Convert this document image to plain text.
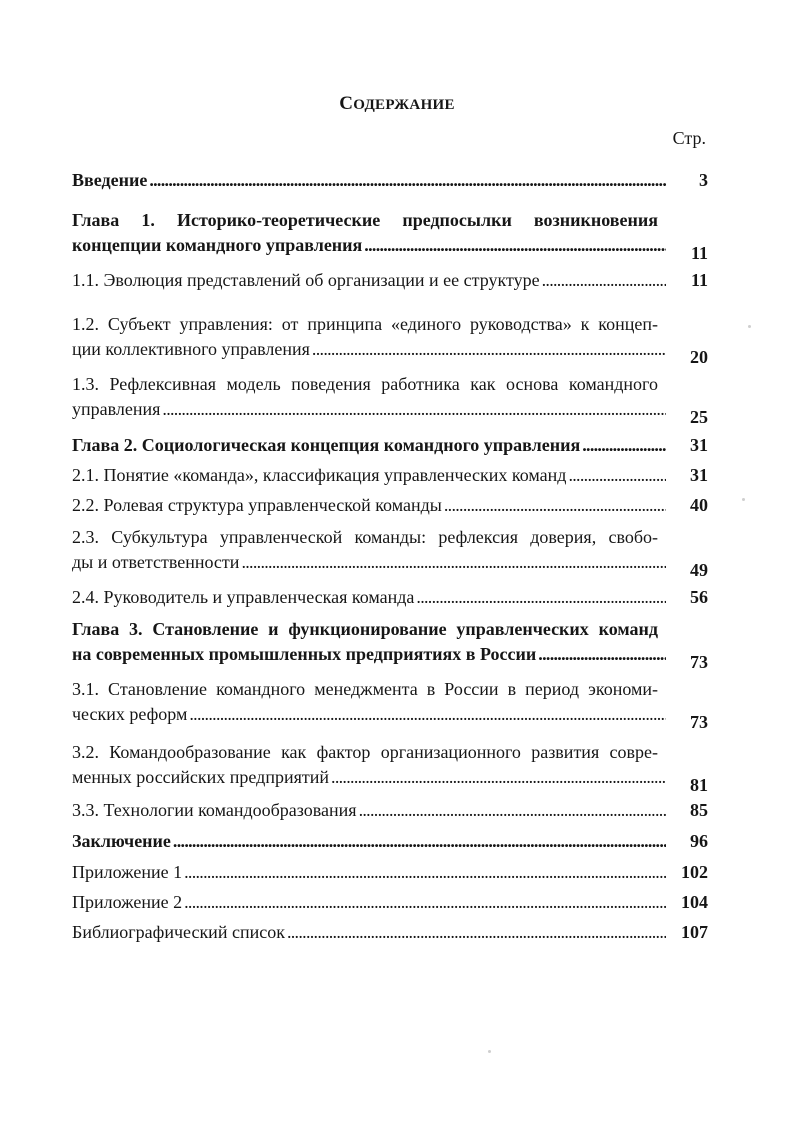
СОДЕРЖАНИЕ
Стр.
Введение . . .	3
Глава 1. Историко-теоретические предпосылки возникновения
концепции командного управления . . .	11
1.1. Эволюция представлений об организации и ее структуре . . .	11
1.2. Субъект управления: от принципа «единого руководства» к концеп-
ции коллективного управления . . .	20
1.3. Рефлексивная модель поведения работника как основа командного
управления . . .	25
Глава 2. Социологическая концепция командного управления . . .	31
2.1. Понятие «команда», классификация управленческих команд . . .	31
2.2. Ролевая структура управленческой команды . . .	40
2.3. Субкультура управленческой команды: рефлексия доверия, свобо-
ды и ответственности . . .	49
2.4. Руководитель и управленческая команда . . .	56
Глава 3. Становление и функционирование управленческих команд
на современных промышленных предприятиях в России . . .	73
3.1. Становление командного менеджмента в России в период экономи-
ческих реформ . . .	73
3.2. Командообразование как фактор организационного развития совре-
менных российских предприятий . . .	81
3.3. Технологии командообразования . . .	85
Заключение . . .	96
Приложение 1 . . .	102
Приложение 2 . . .	104
Библиографический список . . .	107
